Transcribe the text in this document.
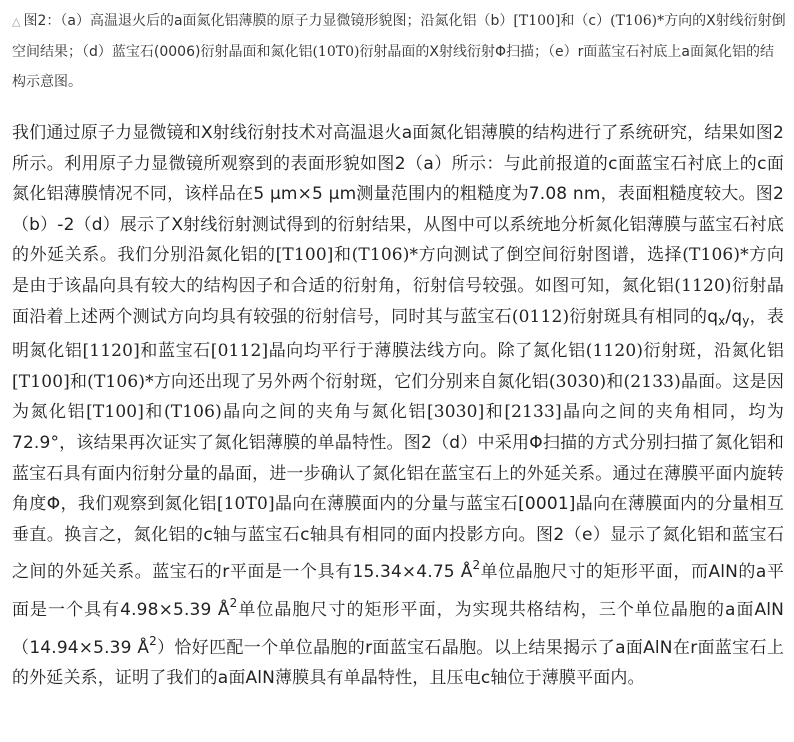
△ 图2：（a）高温退火后的a面氮化铝薄膜的原子力显微镜形貌图；沿氮化铝（b）[T100]和（c）(T106)*方向的X射线衍射倒空间结果；（d）蓝宝石(0006)衍射晶面和氮化铝(10T0)衍射晶面的X射线衍射Φ扫描；（e）r面蓝宝石衬底上a面氮化铝的结构示意图。
我们通过原子力显微镜和X射线衍射技术对高温退火a面氮化铝薄膜的结构进行了系统研究，结果如图2所示。利用原子力显微镜所观察到的表面形貌如图2（a）所示：与此前报道的c面蓝宝石衬底上的c面氮化铝薄膜情况不同，该样品在5 μm×5 μm测量范围内的粗糙度为7.08 nm，表面粗糙度较大。图2（b）-2（d）展示了X射线衍射测试得到的衍射结果，从图中可以系统地分析氮化铝薄膜与蓝宝石衬底的外延关系。我们分别沿氮化铝的[T100]和(T106)*方向测试了倒空间衍射图谱，选择(T106)*方向是由于该晶向具有较大的结构因子和合适的衍射角，衍射信号较强。如图可知，氮化铝(1120)衍射晶面沿着上述两个测试方向均具有较强的衍射信号，同时其与蓝宝石(0112)衍射斑具有相同的$q_x/q_y$，表明氮化铝[1120]和蓝宝石[0112]晶向均平行于薄膜法线方向。除了氮化铝(1120)衍射斑，沿氮化铝[T100]和(T106)*方向还出现了另外两个衍射斑，它们分别来自氮化铝(3030)和(2133)晶面。这是因为氮化铝[T100]和(T106)晶向之间的夹角与氮化铝[3030]和[2133]晶向之间的夹角相同，均为72.9°，该结果再次证实了氮化铝薄膜的单晶特性。图2（d）中采用Φ扫描的方式分别扫描了氮化铝和蓝宝石具有面内衍射分量的晶面，进一步确认了氮化铝在蓝宝石上的外延关系。通过在薄膜平面内旋转角度Φ，我们观察到氮化铝[10T0]晶向在薄膜面内的分量与蓝宝石[0001]晶向在薄膜面内的分量相互垂直。换言之，氮化铝的c轴与蓝宝石c轴具有相同的面内投影方向。图2（e）显示了氮化铝和蓝宝石之间的外延关系。蓝宝石的r平面是一个具有15.34×4.75 $Å^2$单位晶胞尺寸的矩形平面，而AlN的a平面是一个具有4.98×5.39 $Å^2$单位晶胞尺寸的矩形平面，为实现共格结构，三个单位晶胞的a面AlN（14.94×5.39 $Å^2$）恰好匹配一个单位晶胞的r面蓝宝石晶胞。以上结果揭示了a面AlN在r面蓝宝石上的外延关系，证明了我们的a面AlN薄膜具有单晶特性，且压电c轴位于薄膜平面内。
